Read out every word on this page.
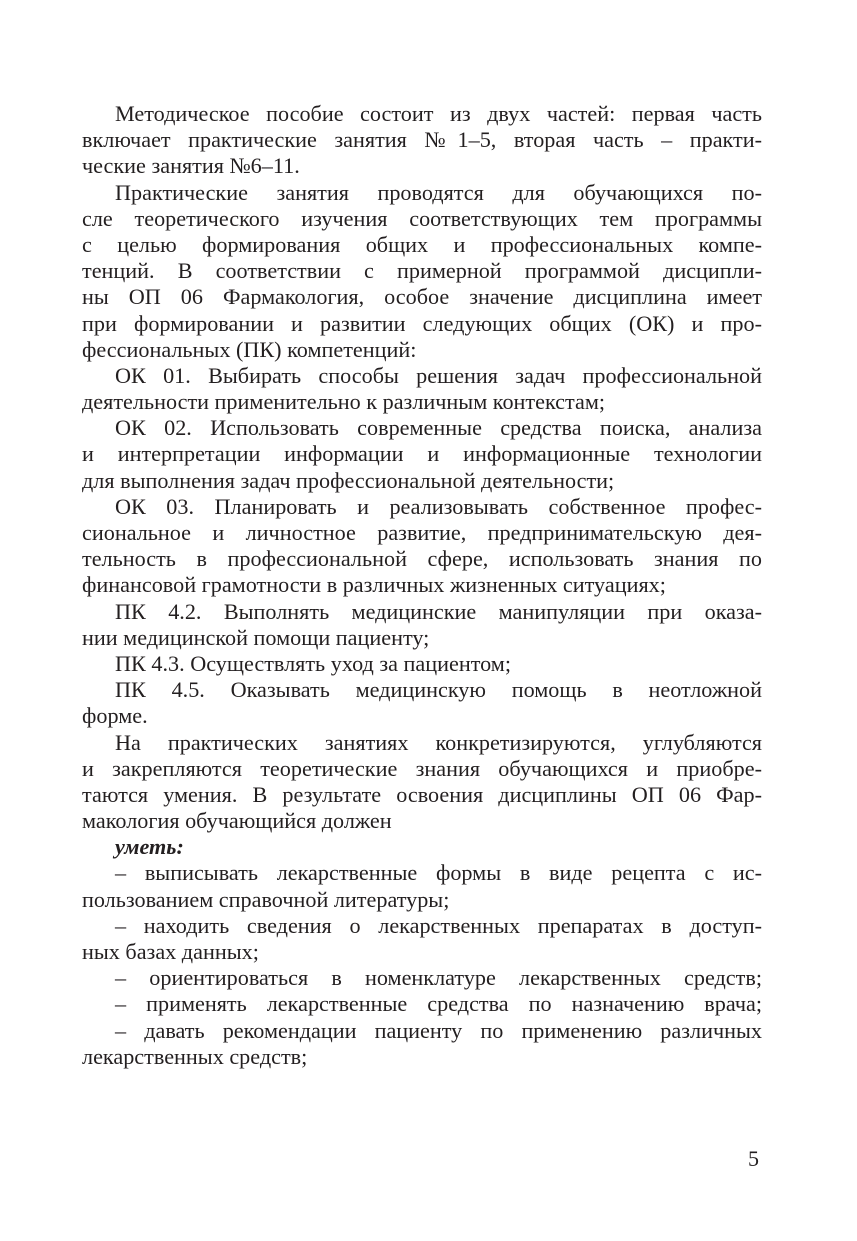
Методическое пособие состоит из двух частей: первая часть
включает практические занятия №1–5, вторая часть – практи-
ческие занятия №6–11.
Практические занятия проводятся для обучающихся по-
сле теоретического изучения соответствующих тем программы
с целью формирования общих и профессиональных компе-
тенций. В соответствии с примерной программой дисципли-
ны ОП 06 Фармакология, особое значение дисциплина имеет
при формировании и развитии следующих общих (ОК) и про-
фессиональных (ПК) компетенций:
ОК 01. Выбирать способы решения задач профессиональной
деятельности применительно к различным контекстам;
ОК 02. Использовать современные средства поиска, анализа
и интерпретации информации и информационные технологии
для выполнения задач профессиональной деятельности;
ОК 03. Планировать и реализовывать собственное профес-
сиональное и личностное развитие, предпринимательскую дея-
тельность в профессиональной сфере, использовать знания по
финансовой грамотности в различных жизненных ситуациях;
ПК 4.2. Выполнять медицинские манипуляции при оказа-
нии медицинской помощи пациенту;
ПК 4.3. Осуществлять уход за пациентом;
ПК 4.5. Оказывать медицинскую помощь в неотложной
форме.
На практических занятиях конкретизируются, углубляются
и закрепляются теоретические знания обучающихся и приобре-
таются умения. В результате освоения дисциплины ОП 06 Фар-
макология обучающийся должен
уметь:
– выписывать лекарственные формы в виде рецепта с ис-
пользованием справочной литературы;
– находить сведения о лекарственных препаратах в доступ-
ных базах данных;
– ориентироваться в номенклатуре лекарственных средств;
– применять лекарственные средства по назначению врача;
– давать рекомендации пациенту по применению различных
лекарственных средств;
5
